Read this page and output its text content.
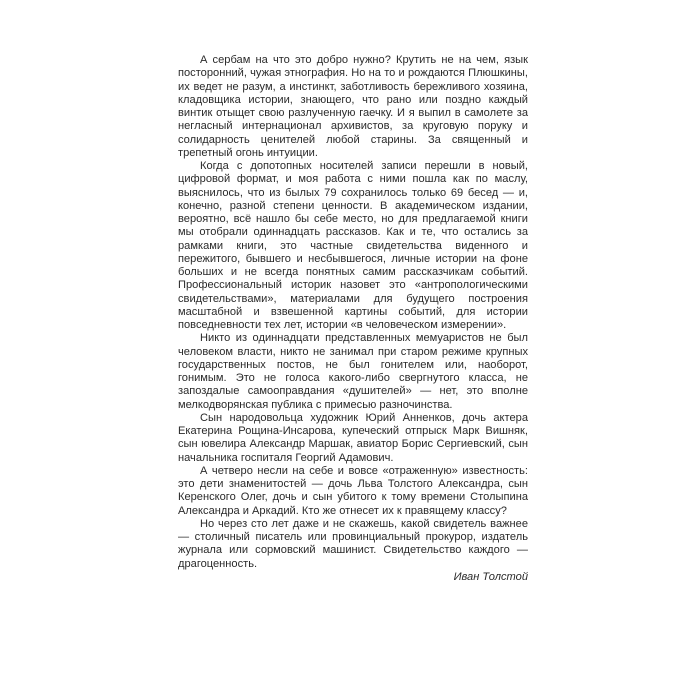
А сербам на что это добро нужно? Крутить не на чем, язык посторонний, чужая этнография. Но на то и рождаются Плюшкины, их ведет не разум, а инстинкт, заботливость бережливого хозяина, кладовщика истории, знающего, что рано или поздно каждый винтик отыщет свою разлученную гаечку. И я выпил в самолете за негласный интернационал архивистов, за круговую поруку и солидарность ценителей любой старины. За священный и трепетный огонь интуиции.

Когда с допотопных носителей записи перешли в новый, цифровой формат, и моя работа с ними пошла как по маслу, выяснилось, что из былых 79 сохранилось только 69 бесед — и, конечно, разной степени ценности. В академическом издании, вероятно, всё нашло бы себе место, но для предлагаемой книги мы отобрали одиннадцать рассказов. Как и те, что остались за рамками книги, это частные свидетельства виденного и пережитого, бывшего и несбывшегося, личные истории на фоне больших и не всегда понятных самим рассказчикам событий. Профессиональный историк назовет это «антропологическими свидетельствами», материалами для будущего построения масштабной и взвешенной картины событий, для истории повседневности тех лет, истории «в человеческом измерении».

Никто из одиннадцати представленных мемуаристов не был человеком власти, никто не занимал при старом режиме крупных государственных постов, не был гонителем или, наоборот, гонимым. Это не голоса какого-либо свергнутого класса, не запоздалые самооправдания «душителей» — нет, это вполне мелкодворянская публика с примесью разночинства.

Сын народовольца художник Юрий Анненков, дочь актера Екатерина Рощина-Инсарова, купеческий отпрыск Марк Вишняк, сын ювелира Александр Маршак, авиатор Борис Сергиевский, сын начальника госпиталя Георгий Адамович.

А четверо несли на себе и вовсе «отраженную» известность: это дети знаменитостей — дочь Льва Толстого Александра, сын Керенского Олег, дочь и сын убитого к тому времени Столыпина Александра и Аркадий. Кто же отнесет их к правящему классу?

Но через сто лет даже и не скажешь, какой свидетель важнее — столичный писатель или провинциальный прокурор, издатель журнала или сормовский машинист. Свидетельство каждого — драгоценность.

Иван Толстой
